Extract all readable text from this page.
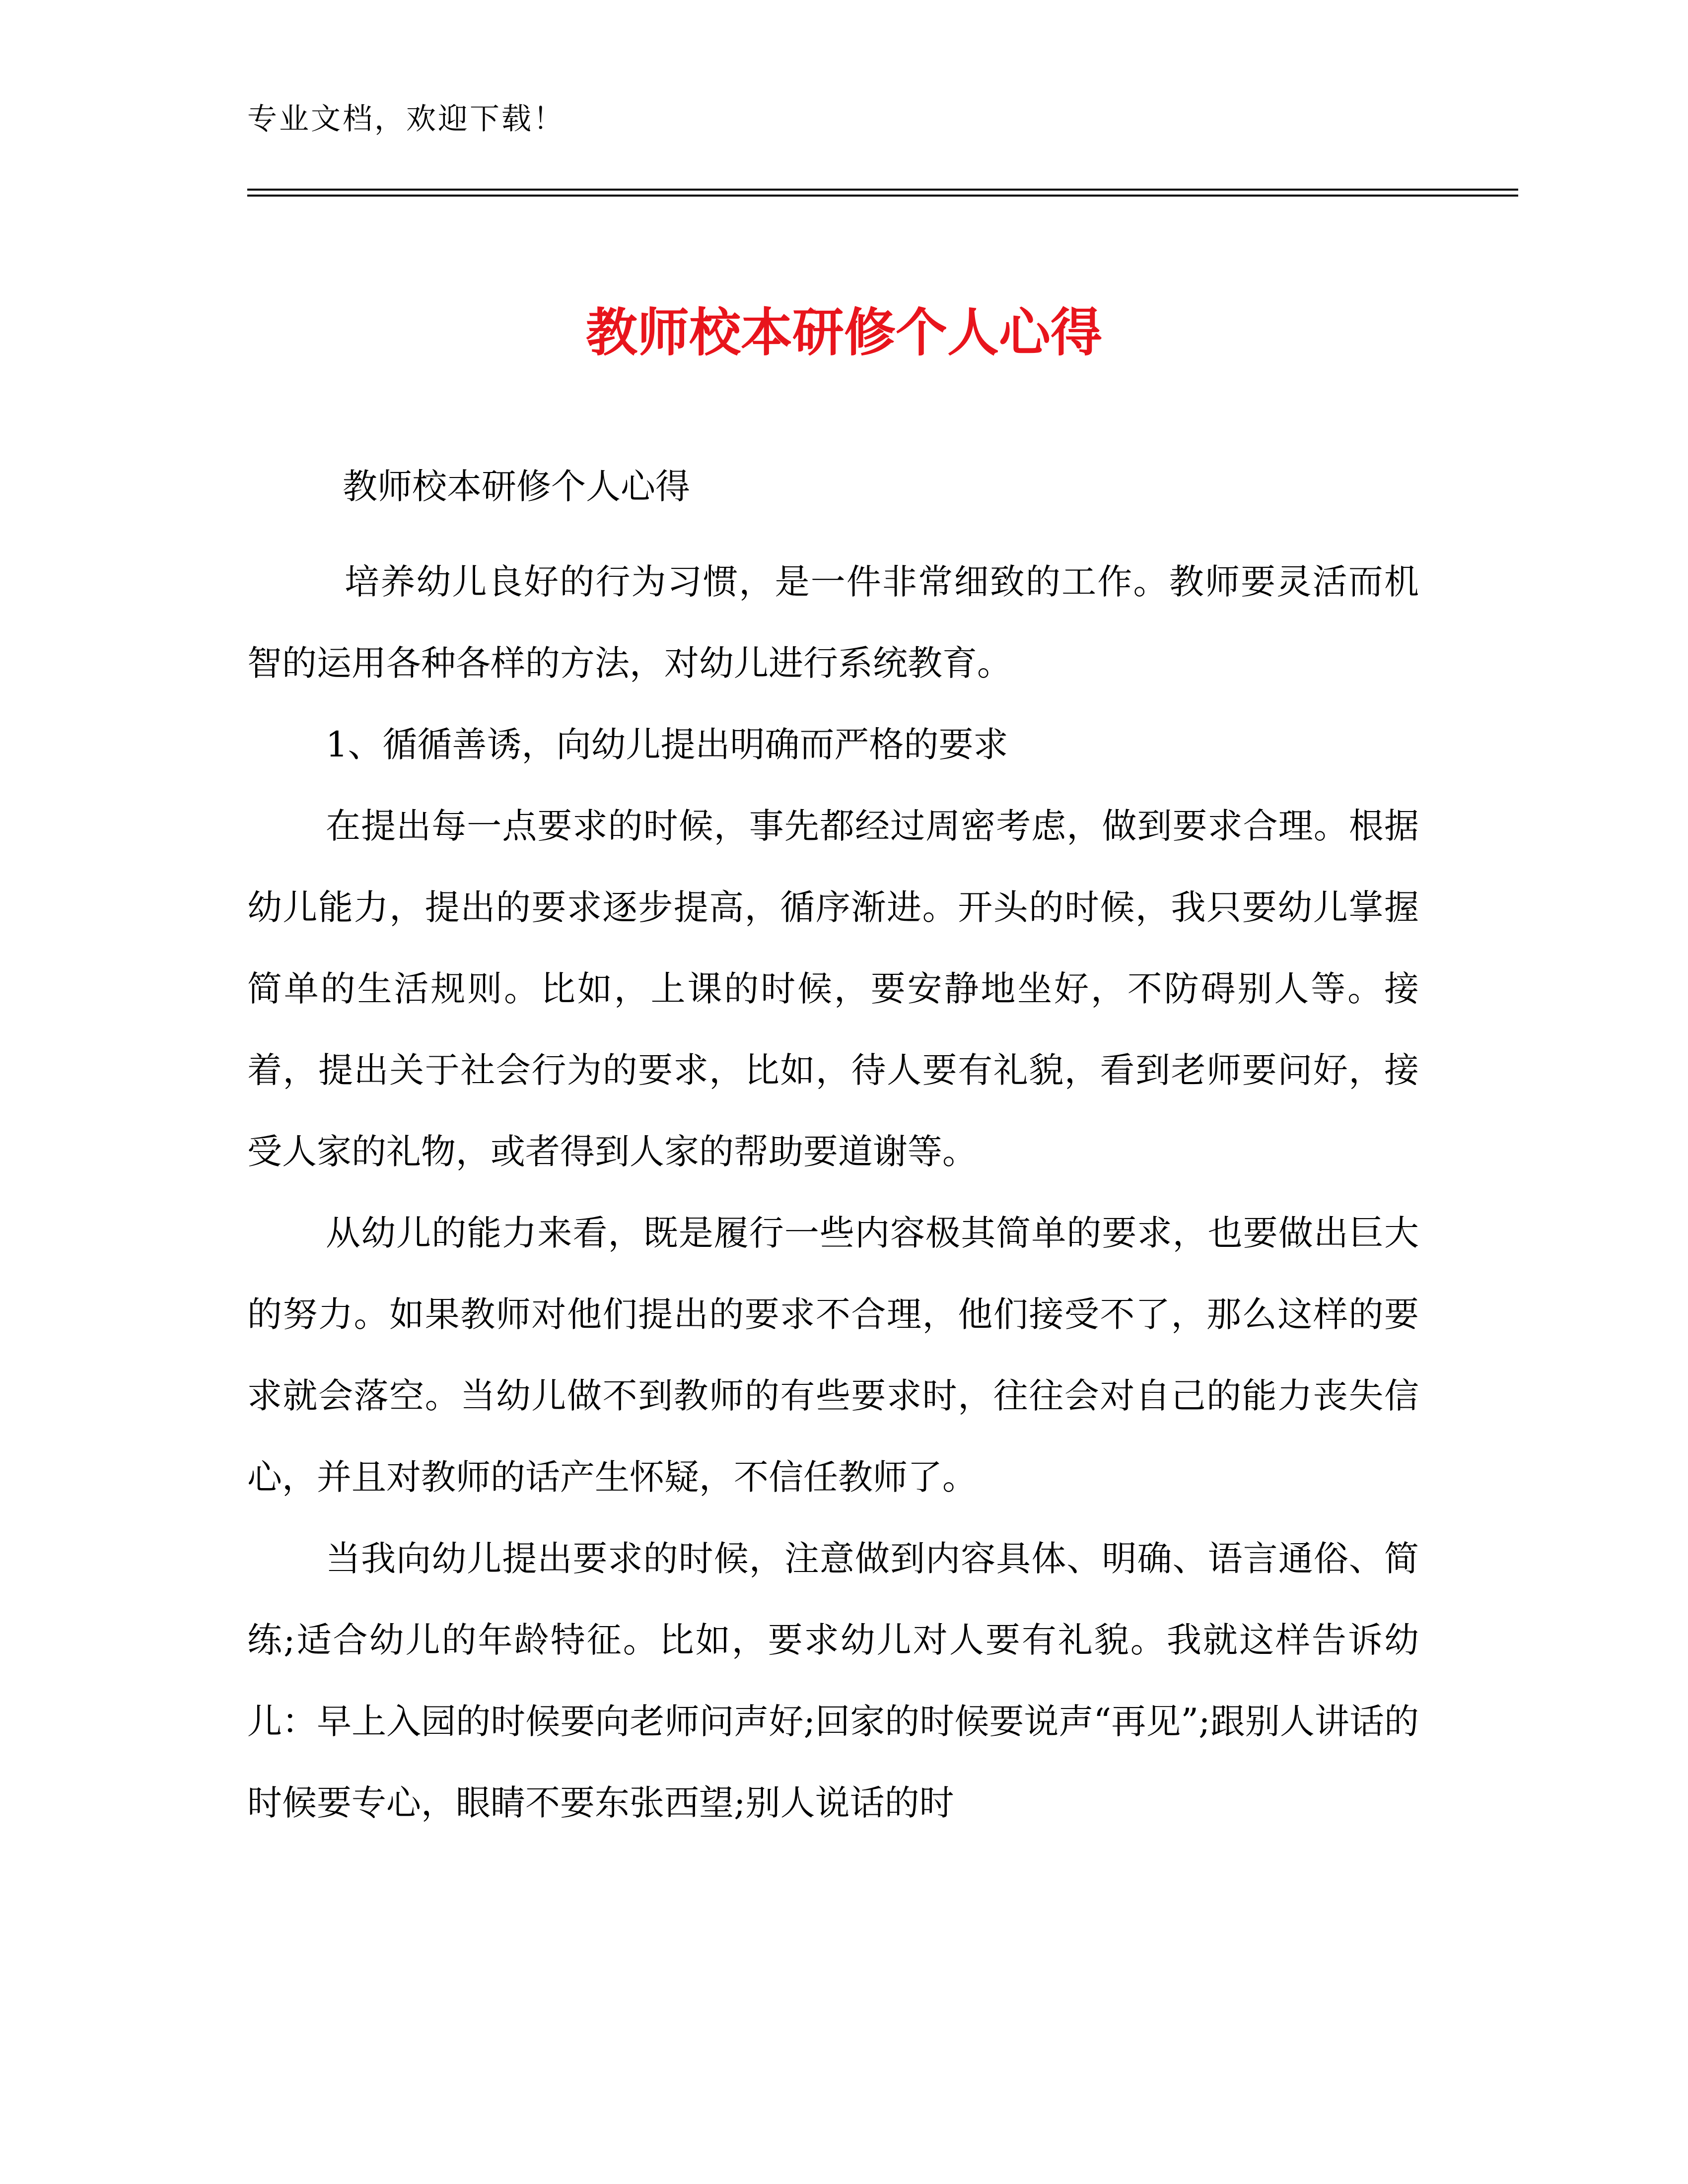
专业文档，欢迎下载！
教师校本研修个人心得
教师校本研修个人心得

培养幼儿良好的行为习惯，是一件非常细致的工作。教师要灵活而机智的运用各种各样的方法，对幼儿进行系统教育。

1、循循善诱，向幼儿提出明确而严格的要求

在提出每一点要求的时候，事先都经过周密考虑，做到要求合理。根据幼儿能力，提出的要求逐步提高，循序渐进。开头的时候，我只要幼儿掌握简单的生活规则。比如，上课的时候，要安静地坐好，不防碍别人等。接着，提出关于社会行为的要求，比如，待人要有礼貌，看到老师要问好，接受人家的礼物，或者得到人家的帮助要道谢等。

从幼儿的能力来看，既是履行一些内容极其简单的要求，也要做出巨大的努力。如果教师对他们提出的要求不合理，他们接受不了，那么这样的要求就会落空。当幼儿做不到教师的有些要求时，往往会对自己的能力丧失信心，并且对教师的话产生怀疑，不信任教师了。

当我向幼儿提出要求的时候，注意做到内容具体、明确、语言通俗、简练;适合幼儿的年龄特征。比如，要求幼儿对人要有礼貌。我就这样告诉幼儿：早上入园的时候要向老师问声好;回家的时候要说声“再见”;跟别人讲话的时候要专心，眼睛不要东张西望;别人说话的时
